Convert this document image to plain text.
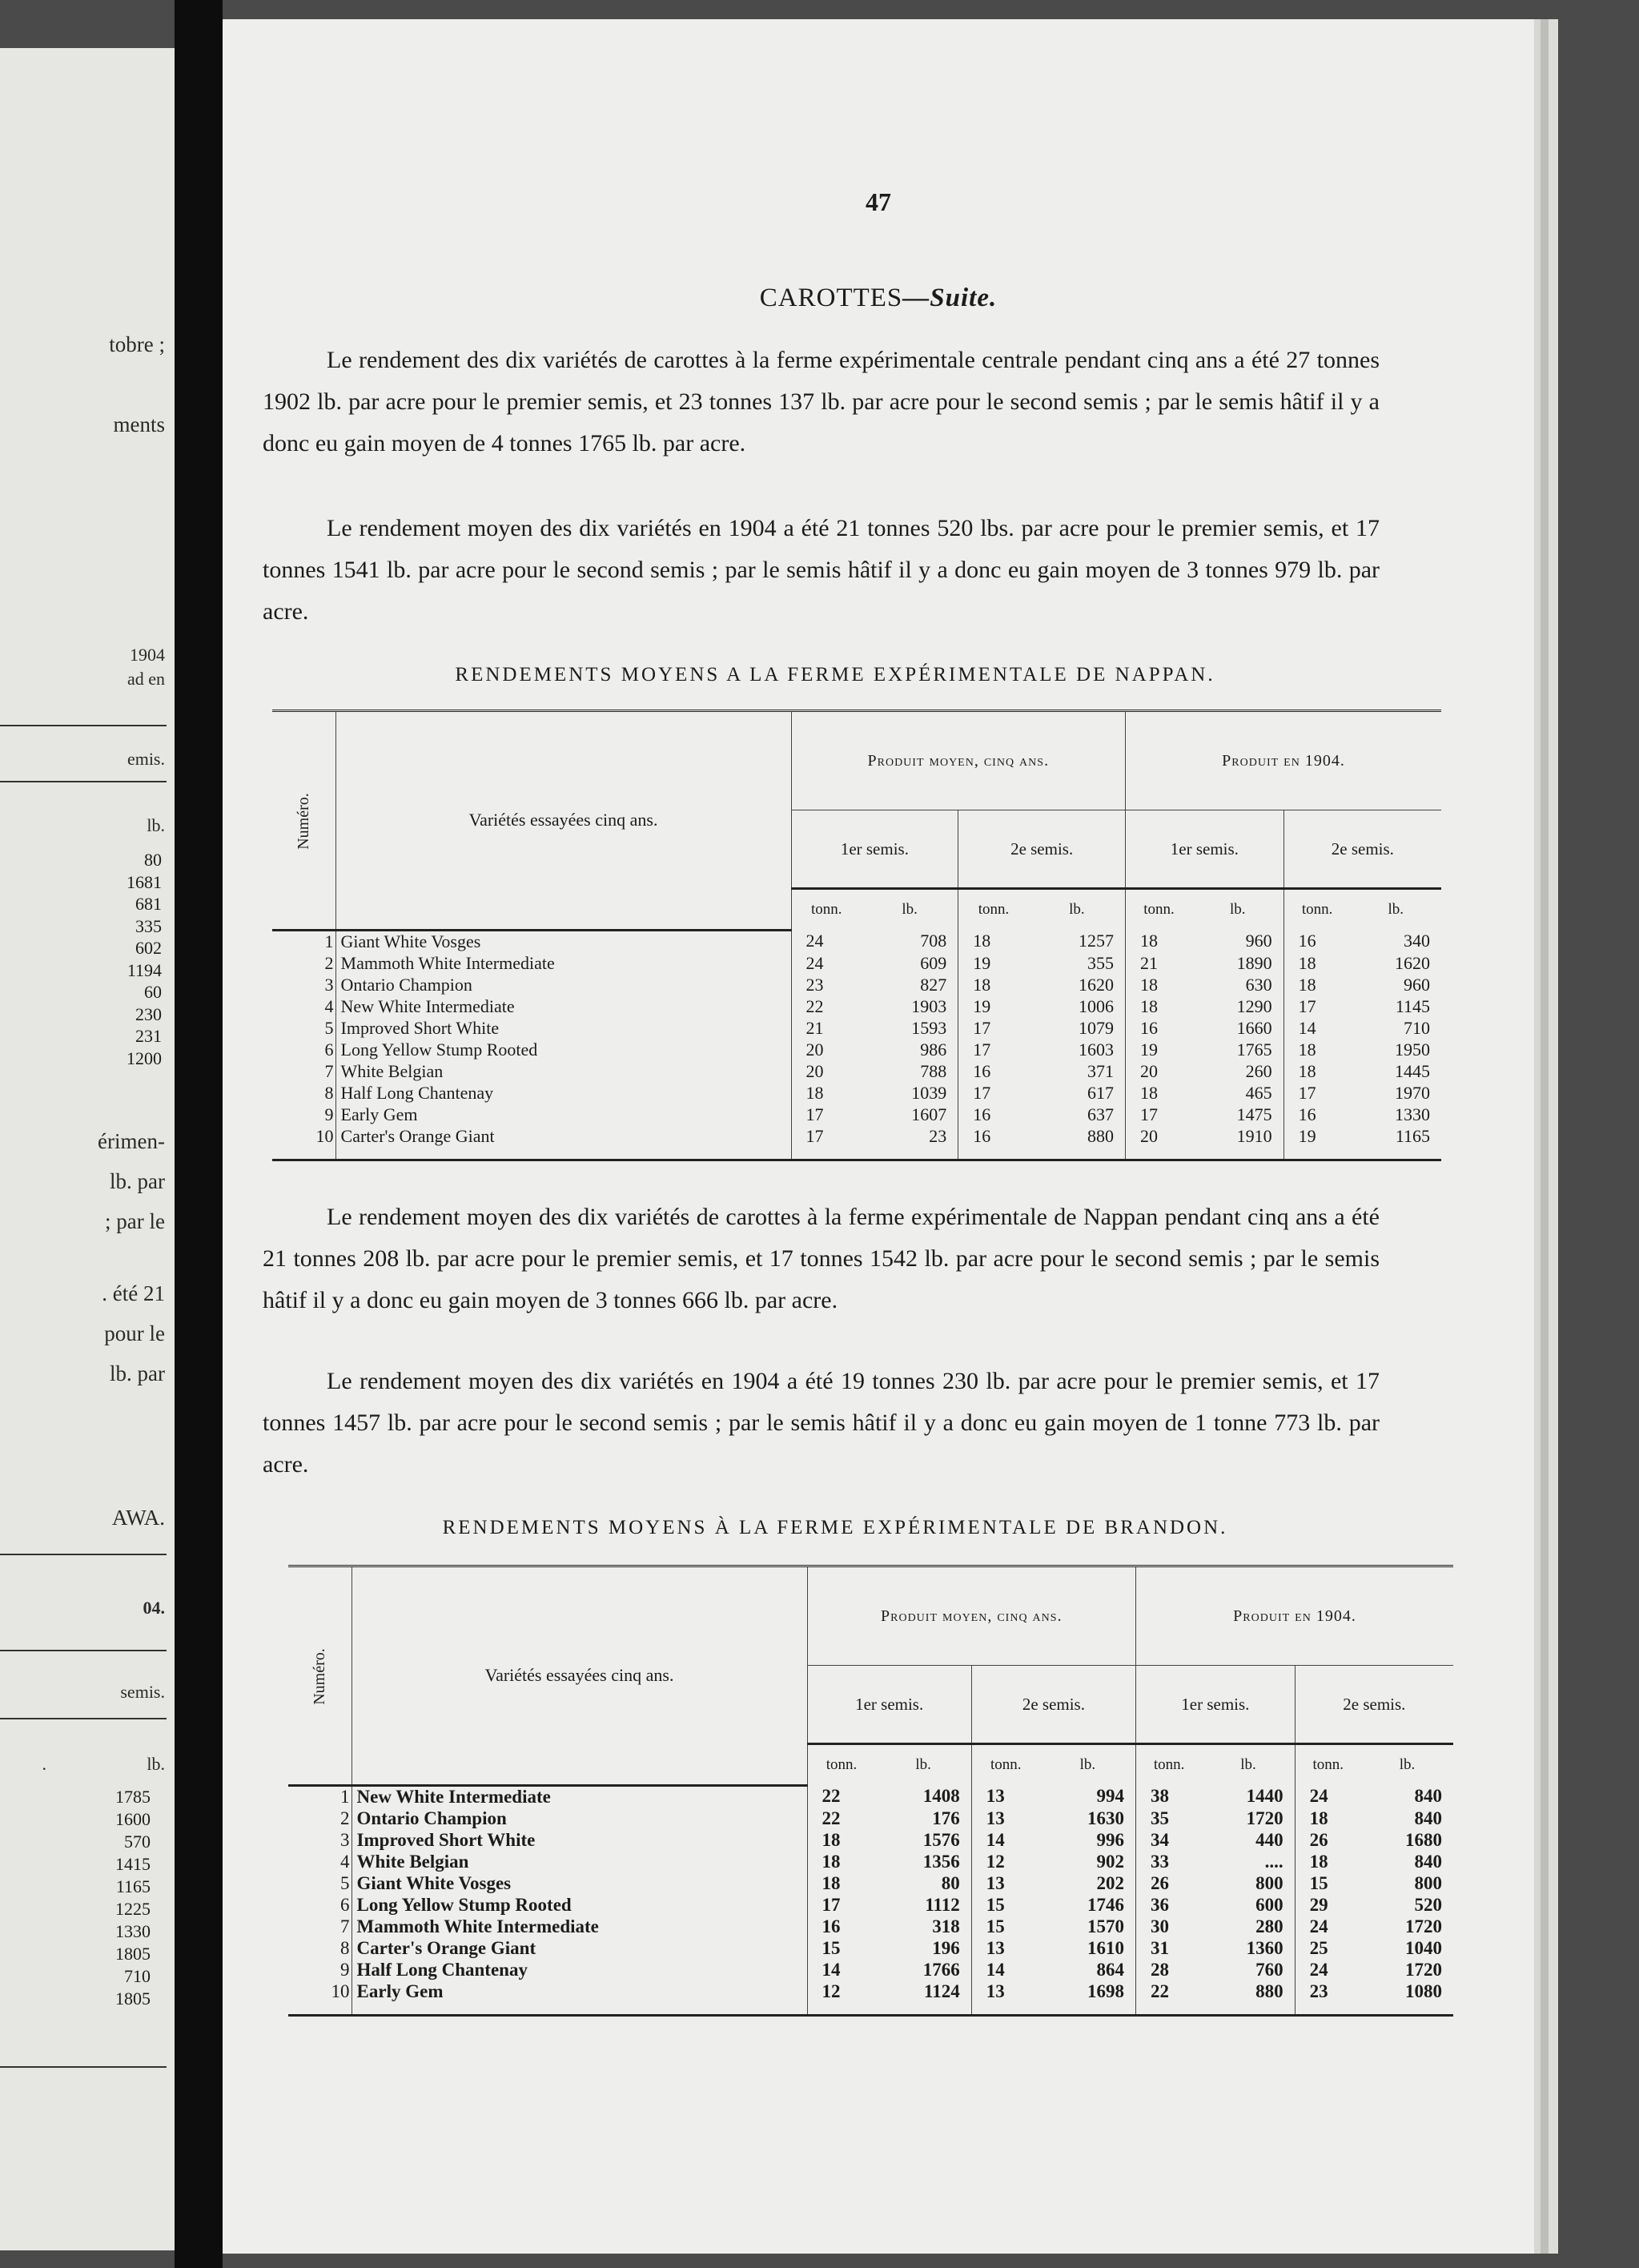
tobre ;
ments
1904
ad en
emis.
lb.
80
1681
681
335
602
1194
60
230
231
1200
érimen-
lb. par
; par le
. été 21
pour le
lb. par
AWA.
04.
semis.
.	lb.
1785
1600
570
1415
1165
1225
1330
1805
710
1805
47
CAROTTES—Suite.

Le rendement des dix variétés de carottes à la ferme expérimentale centrale pendant cinq ans a été 27 tonnes 1902 lb. par acre pour le premier semis, et 23 tonnes 137 lb. par acre pour le second semis ; par le semis hâtif il y a donc eu gain moyen de 4 tonnes 1765 lb. par acre.

Le rendement moyen des dix variétés en 1904 a été 21 tonnes 520 lbs. par acre pour le premier semis, et 17 tonnes 1541 lb. par acre pour le second semis ; par le semis hâtif il y a donc eu gain moyen de 3 tonnes 979 lb. par acre.

RENDEMENTS MOYENS A LA FERME EXPÉRIMENTALE DE NAPPAN.
Numéro.	Variétés essayées cinq ans.	Produit moyen, cinq ans.				Produit en 1904.			
		1er semis.		2e semis.		1er semis.		2e semis.	
		tonn.	lb.	tonn.	lb.	tonn.	lb.	tonn.	lb.
1	Giant White Vosges	24	708	18	1257	18	960	16	340
2	Mammoth White Intermediate	24	609	19	355	21	1890	18	1620
3	Ontario Champion	23	827	18	1620	18	630	18	960
4	New White Intermediate	22	1903	19	1006	18	1290	17	1145
5	Improved Short White	21	1593	17	1079	16	1660	14	710
6	Long Yellow Stump Rooted	20	986	17	1603	19	1765	18	1950
7	White Belgian	20	788	16	371	20	260	18	1445
8	Half Long Chantenay	18	1039	17	617	18	465	17	1970
9	Early Gem	17	1607	16	637	17	1475	16	1330
10	Carter's Orange Giant	17	23	16	880	20	1910	19	1165

Le rendement moyen des dix variétés de carottes à la ferme expérimentale de Nappan pendant cinq ans a été 21 tonnes 208 lb. par acre pour le premier semis, et 17 tonnes 1542 lb. par acre pour le second semis ; par le semis hâtif il y a donc eu gain moyen de 3 tonnes 666 lb. par acre.

Le rendement moyen des dix variétés en 1904 a été 19 tonnes 230 lb. par acre pour le premier semis, et 17 tonnes 1457 lb. par acre pour le second semis ; par le semis hâtif il y a donc eu gain moyen de 1 tonne 773 lb. par acre.

RENDEMENTS MOYENS À LA FERME EXPÉRIMENTALE DE BRANDON.
Numéro.	Variétés essayées cinq ans.	Produit moyen, cinq ans.				Produit en 1904.			
		1er semis.		2e semis.		1er semis.		2e semis.	
		tonn.	lb.	tonn.	lb.	tonn.	lb.	tonn.	lb.
1	New White Intermediate	22	1408	13	994	38	1440	24	840
2	Ontario Champion	22	176	13	1630	35	1720	18	840
3	Improved Short White	18	1576	14	996	34	440	26	1680
4	White Belgian	18	1356	12	902	33	....	18	840
5	Giant White Vosges	18	80	13	202	26	800	15	800
6	Long Yellow Stump Rooted	17	1112	15	1746	36	600	29	520
7	Mammoth White Intermediate	16	318	15	1570	30	280	24	1720
8	Carter's Orange Giant	15	196	13	1610	31	1360	25	1040
9	Half Long Chantenay	14	1766	14	864	28	760	24	1720
10	Early Gem	12	1124	13	1698	22	880	23	1080
